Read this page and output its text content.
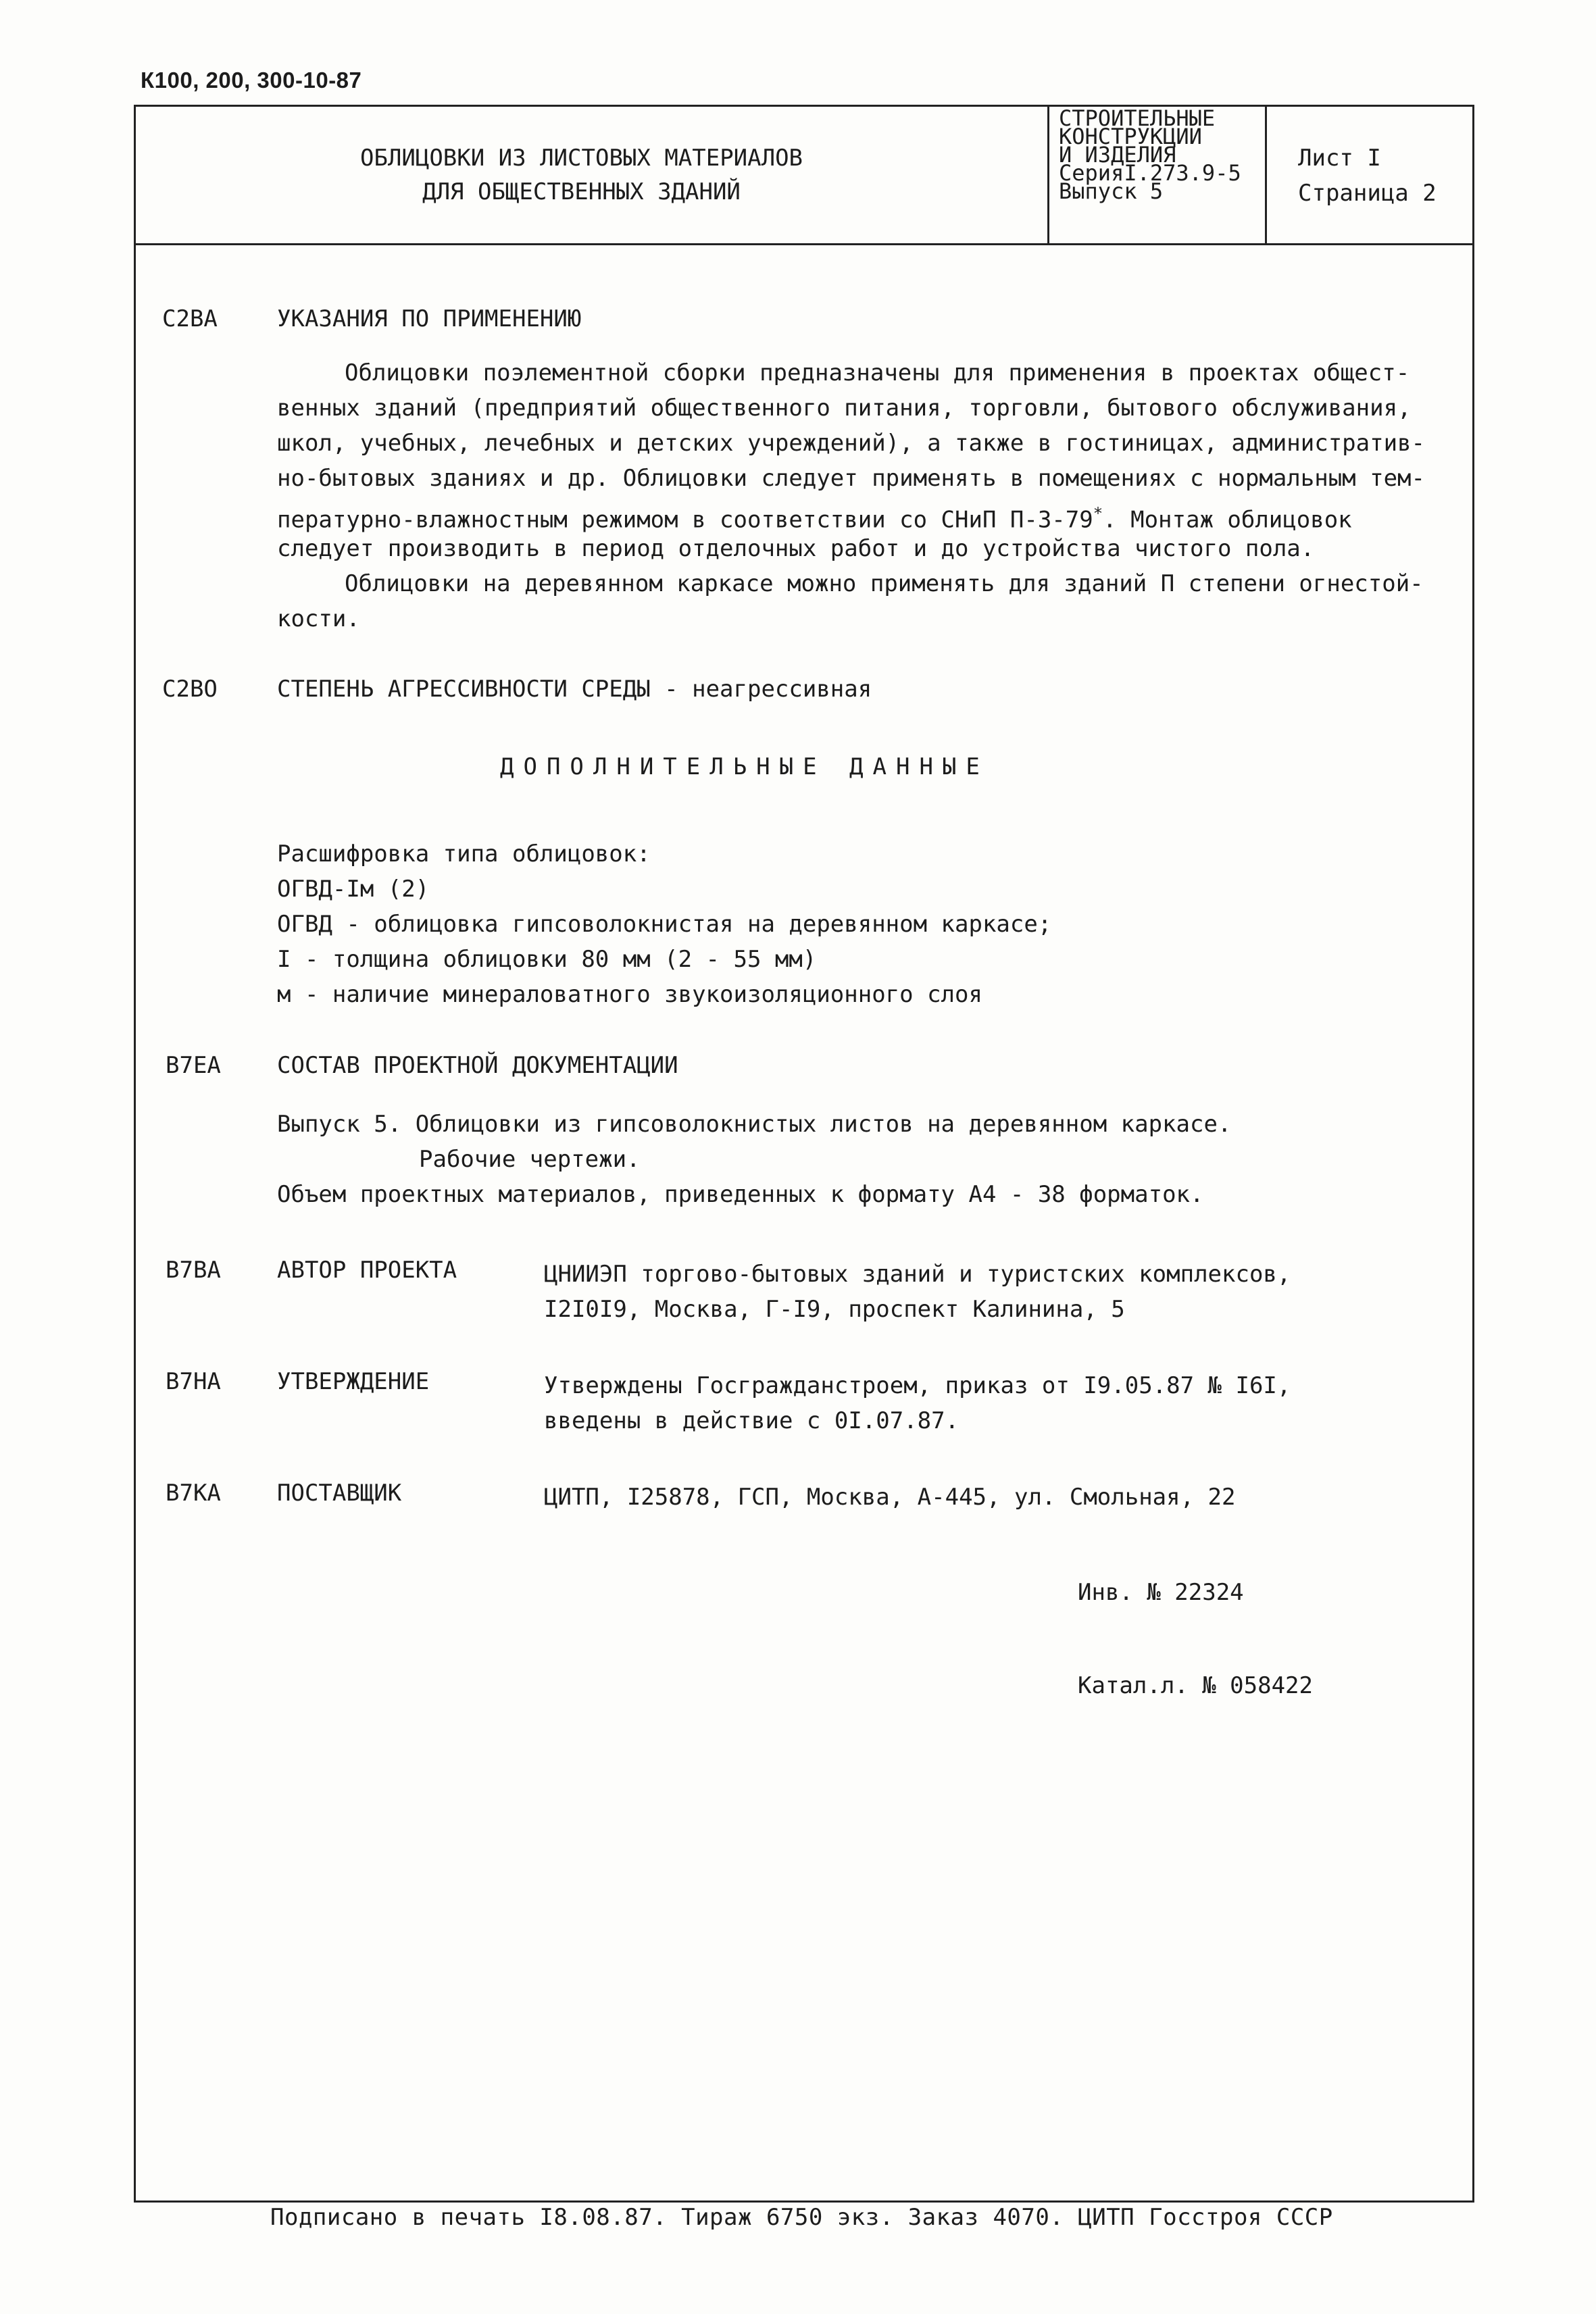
К100, 200, 300-10-87
ОБЛИЦОВКИ ИЗ ЛИСТОВЫХ МАТЕРИАЛОВ
ДЛЯ ОБЩЕСТВЕННЫХ ЗДАНИЙ
СТРОИТЕЛЬНЫЕ
КОНСТРУКЦИИ
И ИЗДЕЛИЯ
СерияI.273.9-5
Выпуск 5
Лист I
Страница 2
C2BA	УКАЗАНИЯ ПО ПРИМЕНЕНИЮ
Облицовки поэлементной сборки предназначены для применения в проектах общест-
венных зданий (предприятий общественного питания, торговли, бытового обслуживания,
школ, учебных, лечебных и детских учреждений), а также в гостиницах, административ-
но-бытовых зданиях и др. Облицовки следует применять в помещениях с нормальным тем-
пературно-влажностным режимом в соответствии со СНиП П-3-79*. Монтаж облицовок
следует производить в период отделочных работ и до устройства чистого пола.
Облицовки на деревянном каркасе можно применять для зданий П степени огнестой-
кости.
C2BO	СТЕПЕНЬ АГРЕССИВНОСТИ СРЕДЫ - неагрессивная
ДОПОЛНИТЕЛЬНЫЕ ДАННЫЕ
Расшифровка типа облицовок:
ОГВД-Iм (2)
ОГВД - облицовка гипсоволокнистая на деревянном каркасе;
I - толщина облицовки 80 мм (2 - 55 мм)
м - наличие минераловатного звукоизоляционного слоя
B7EA СОСТАВ ПРОЕКТНОЙ ДОКУМЕНТАЦИИ
Выпуск 5. Облицовки из гипсоволокнистых листов на деревянном каркасе.
Рабочие чертежи.
Объем проектных материалов, приведенных к формату А4 - 38 форматок.
B7BA АВТОР ПРОЕКТА	ЦНИИЭП торгово-бытовых зданий и туристских комплексов,
I2I0I9, Москва, Г-I9, проспект Калинина, 5
B7HA УТВЕРЖДЕНИЕ	Утверждены Госгражданстроем, приказ от I9.05.87 № I6I,
введены в действие с 0I.07.87.
B7KA ПОСТАВЩИК	ЦИТП, I25878, ГСП, Москва, А-445, ул. Смольная, 22
Инв. № 22324
Катал.л. № 058422
Подписано в печать I8.08.87. Тираж 6750 экз. Заказ 4070. ЦИТП Госстроя СССР
